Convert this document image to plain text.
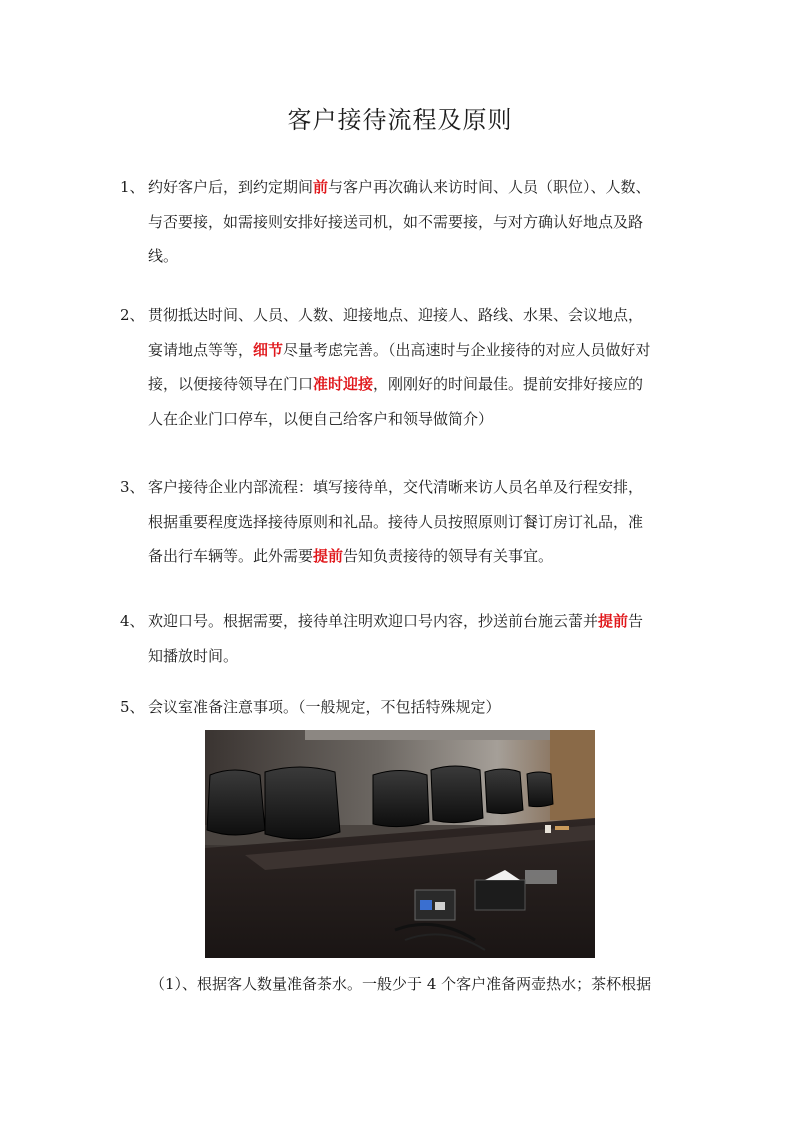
客户接待流程及原则
1、 约好客户后，到约定期间前与客户再次确认来访时间、人员（职位）、人数、
与否要接，如需接则安排好接送司机，如不需要接，与对方确认好地点及路
线。
2、 贯彻抵达时间、人员、人数、迎接地点、迎接人、路线、水果、会议地点，
宴请地点等等，细节尽量考虑完善。（出高速时与企业接待的对应人员做好对
接，以便接待领导在门口准时迎接，刚刚好的时间最佳。提前安排好接应的
人在企业门口停车，以便自己给客户和领导做简介）
3、 客户接待企业内部流程：填写接待单，交代清晰来访人员名单及行程安排，
根据重要程度选择接待原则和礼品。接待人员按照原则订餐订房订礼品，准
备出行车辆等。此外需要提前告知负责接待的领导有关事宜。
4、 欢迎口号。根据需要，接待单注明欢迎口号内容，抄送前台施云蕾并提前告
知播放时间。
5、 会议室准备注意事项。（一般规定，不包括特殊规定）
（1）、根据客人数量准备茶水。一般少于 4 个客户准备两壶热水；茶杯根据
